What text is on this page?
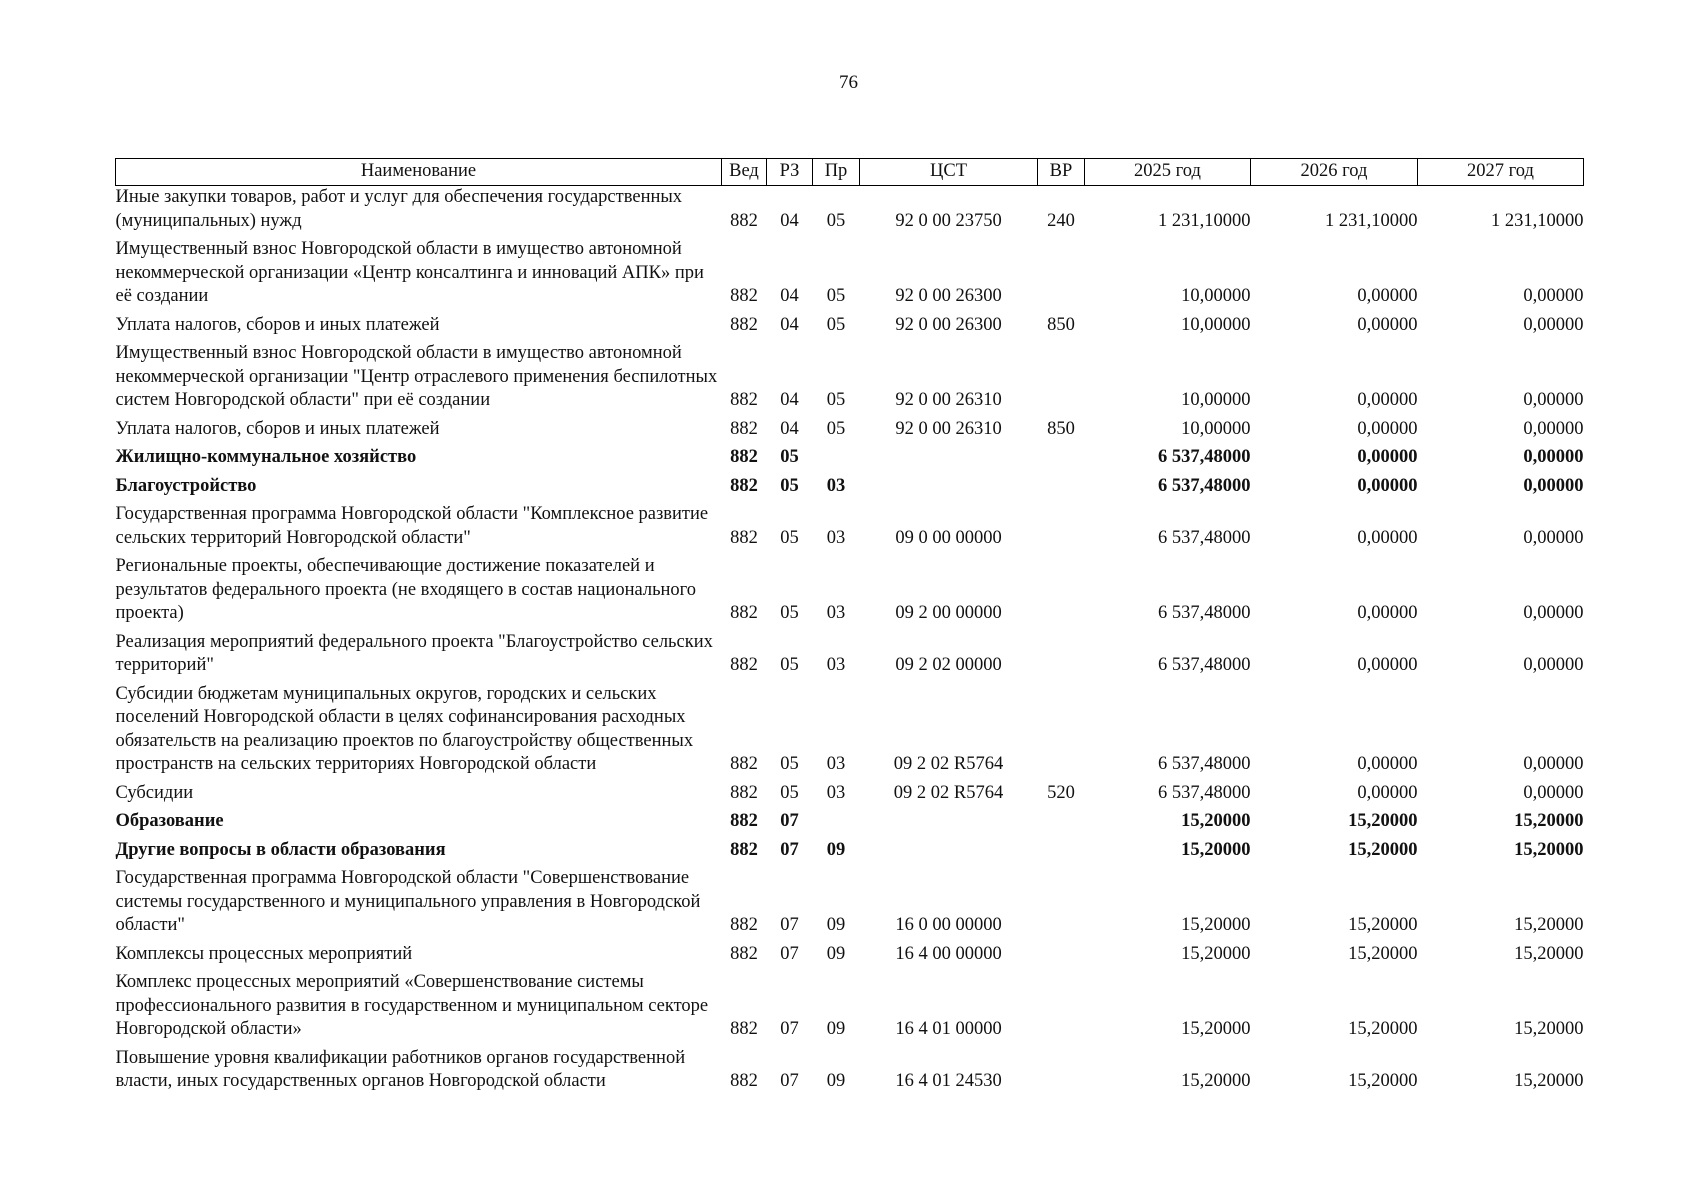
76
Наименование	Вед	РЗ	Пр	ЦСТ	ВР	2025 год	2026 год	2027 год
Иные закупки товаров, работ и услуг для обеспечения государственных (муниципальных) нужд	882	04	05	92 0 00 23750	240	1 231,10000	1 231,10000	1 231,10000
Имущественный взнос Новгородской области в имущество автономной некоммерческой организации «Центр консалтинга и инноваций АПК» при её создании	882	04	05	92 0 00 26300		10,00000	0,00000	0,00000
Уплата налогов, сборов и иных платежей	882	04	05	92 0 00 26300	850	10,00000	0,00000	0,00000
Имущественный взнос Новгородской области в имущество автономной некоммерческой организации "Центр отраслевого применения беспилотных систем Новгородской области" при её создании	882	04	05	92 0 00 26310		10,00000	0,00000	0,00000
Уплата налогов, сборов и иных платежей	882	04	05	92 0 00 26310	850	10,00000	0,00000	0,00000
Жилищно-коммунальное хозяйство	882	05				6 537,48000	0,00000	0,00000
Благоустройство	882	05	03			6 537,48000	0,00000	0,00000
Государственная программа Новгородской области "Комплексное развитие сельских территорий Новгородской области"	882	05	03	09 0 00 00000		6 537,48000	0,00000	0,00000
Региональные проекты, обеспечивающие достижение показателей и результатов федерального проекта (не входящего в состав национального проекта)	882	05	03	09 2 00 00000		6 537,48000	0,00000	0,00000
Реализация мероприятий федерального проекта "Благоустройство сельских территорий"	882	05	03	09 2 02 00000		6 537,48000	0,00000	0,00000
Субсидии бюджетам муниципальных округов, городских и сельских поселений Новгородской области в целях софинансирования расходных обязательств на реализацию проектов по благоустройству общественных пространств на сельских территориях Новгородской области	882	05	03	09 2 02 R5764		6 537,48000	0,00000	0,00000
Субсидии	882	05	03	09 2 02 R5764	520	6 537,48000	0,00000	0,00000
Образование	882	07				15,20000	15,20000	15,20000
Другие вопросы в области образования	882	07	09			15,20000	15,20000	15,20000
Государственная программа Новгородской области "Совершенствование системы государственного и муниципального управления в Новгородской области"	882	07	09	16 0 00 00000		15,20000	15,20000	15,20000
Комплексы процессных мероприятий	882	07	09	16 4 00 00000		15,20000	15,20000	15,20000
Комплекс процессных мероприятий «Совершенствование системы профессионального развития в государственном и муниципальном секторе Новгородской области»	882	07	09	16 4 01 00000		15,20000	15,20000	15,20000
Повышение уровня квалификации работников органов государственной власти, иных государственных органов Новгородской области	882	07	09	16 4 01 24530		15,20000	15,20000	15,20000
